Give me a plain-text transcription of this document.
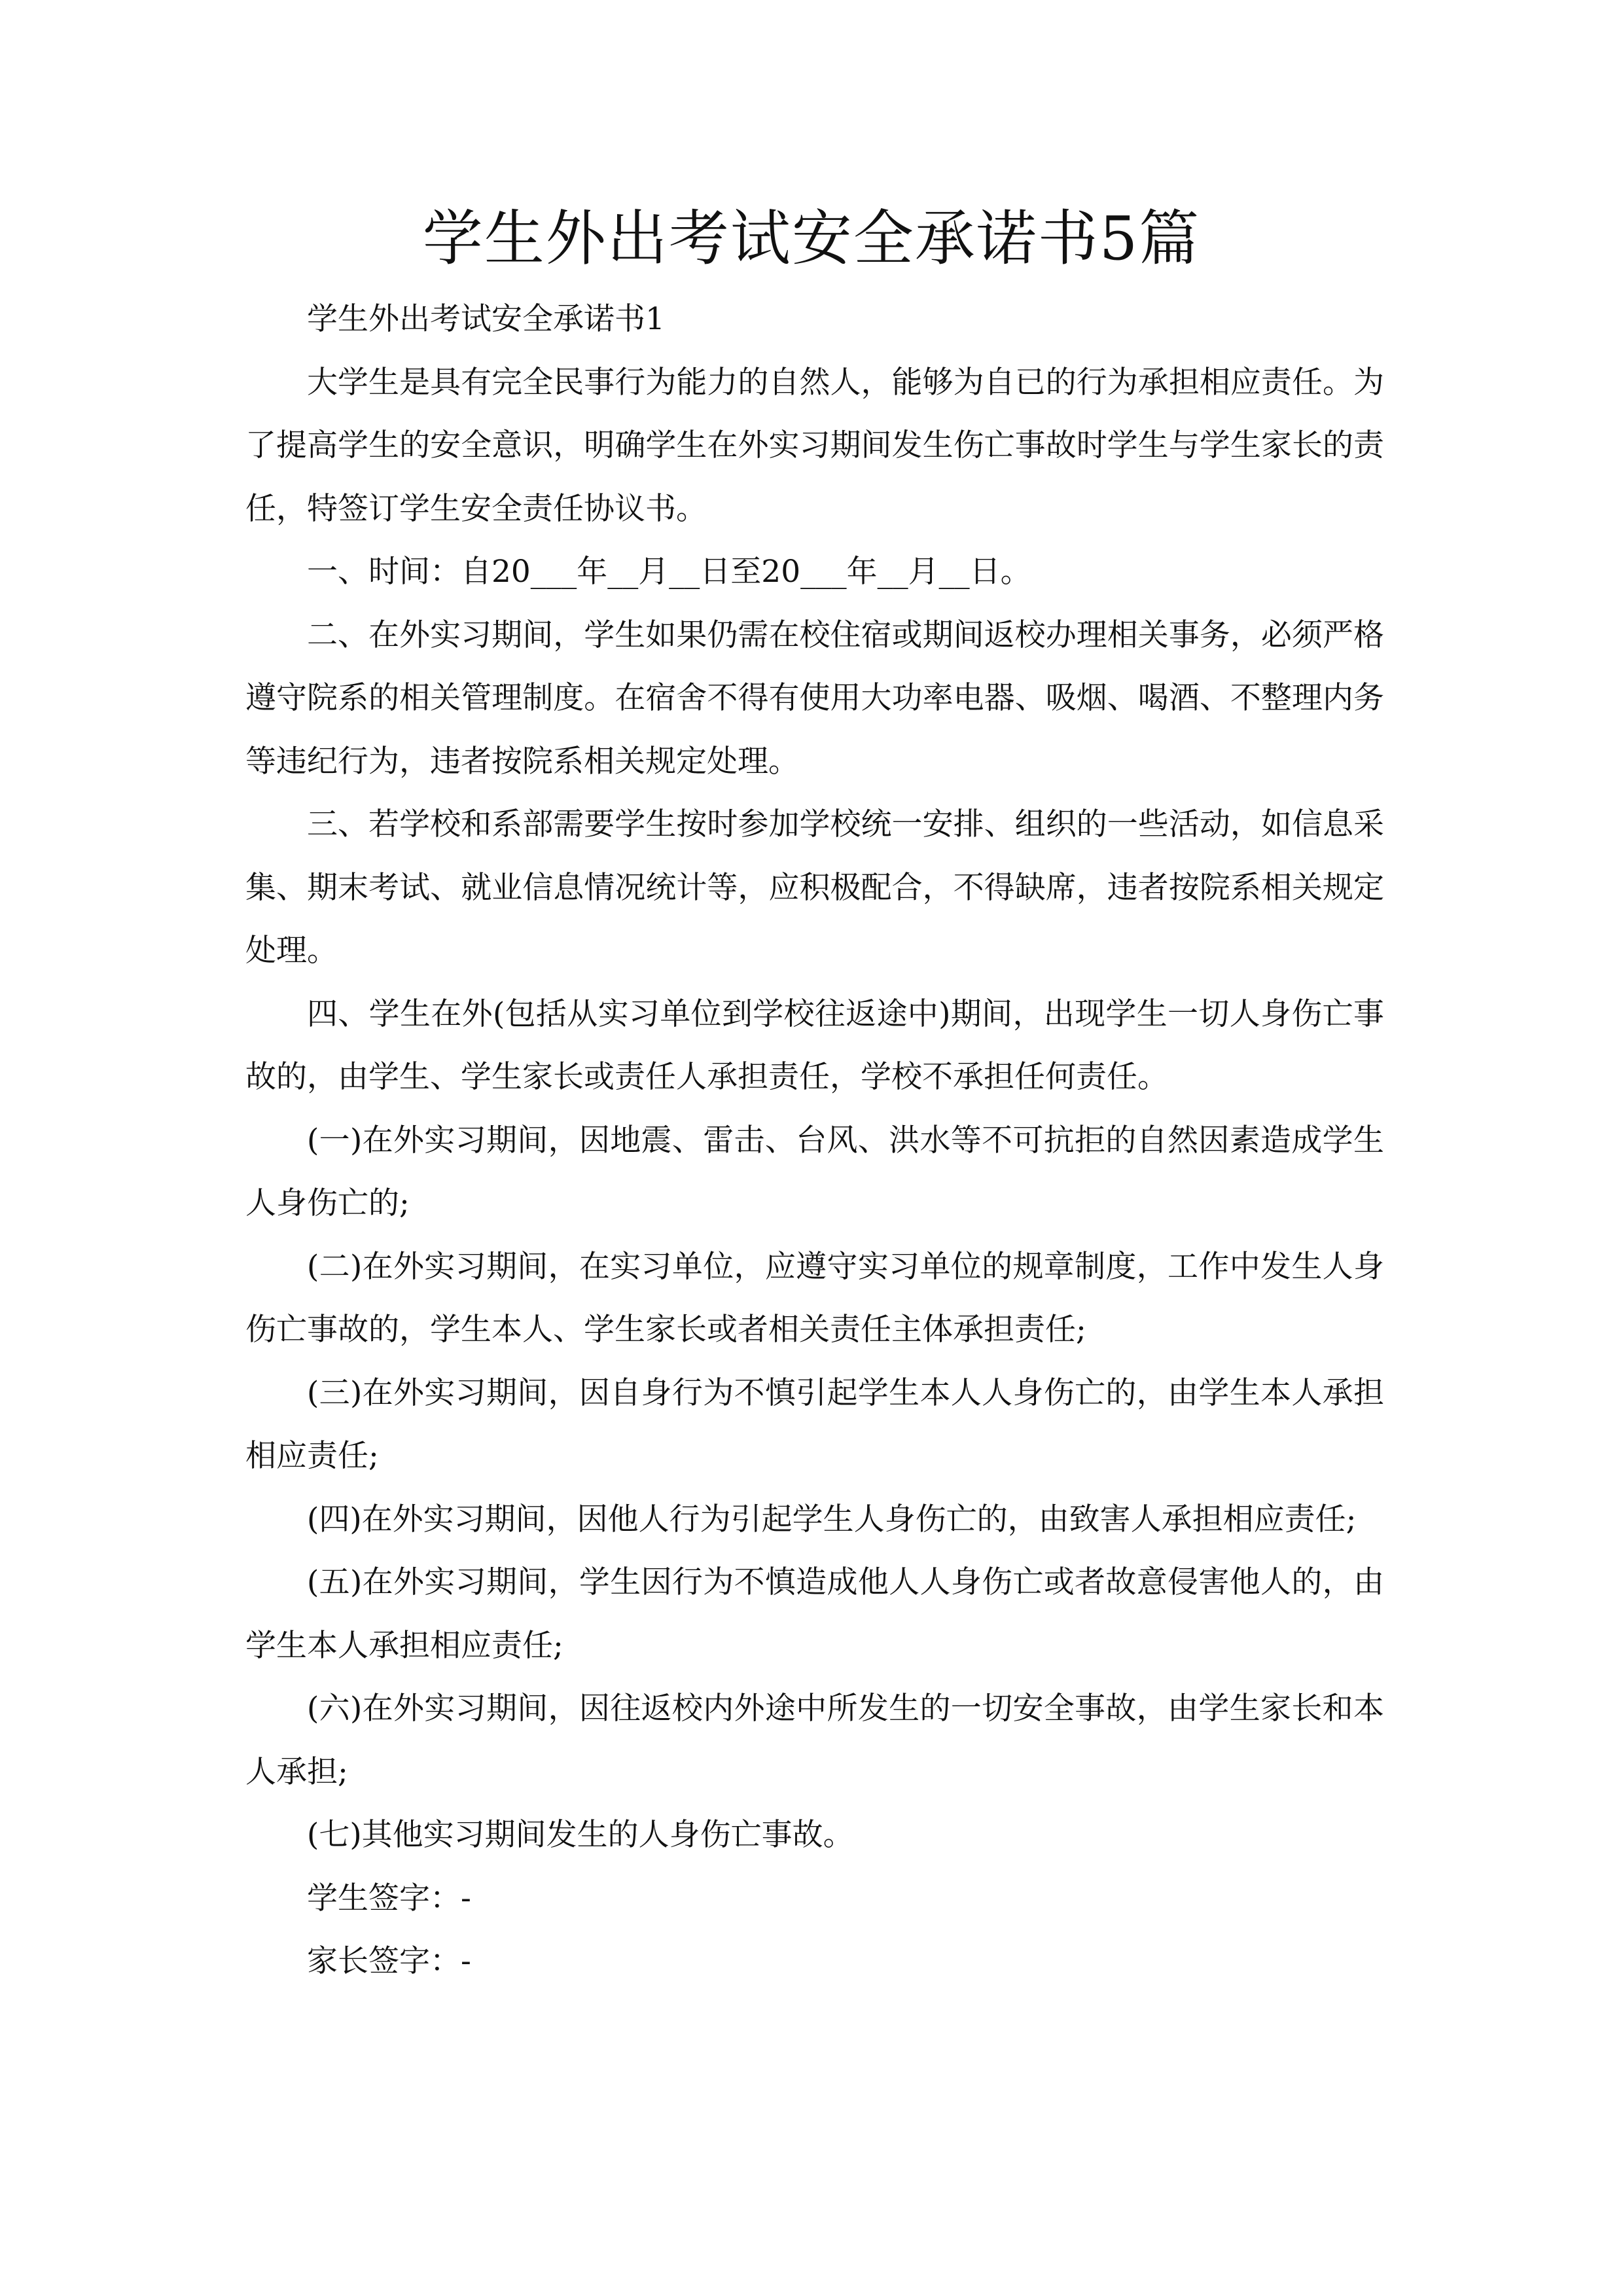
学生外出考试安全承诺书5篇

学生外出考试安全承诺书1

大学生是具有完全民事行为能力的自然人，能够为自已的行为承担相应责任。为了提高学生的安全意识，明确学生在外实习期间发生伤亡事故时学生与学生家长的责任，特签订学生安全责任协议书。

一、时间：自20___年__月__日至20___年__月__日。

二、在外实习期间，学生如果仍需在校住宿或期间返校办理相关事务，必须严格遵守院系的相关管理制度。在宿舍不得有使用大功率电器、吸烟、喝酒、不整理内务等违纪行为，违者按院系相关规定处理。

三、若学校和系部需要学生按时参加学校统一安排、组织的一些活动，如信息采集、期末考试、就业信息情况统计等，应积极配合，不得缺席，违者按院系相关规定处理。

四、学生在外(包括从实习单位到学校往返途中)期间，出现学生一切人身伤亡事故的，由学生、学生家长或责任人承担责任，学校不承担任何责任。

(一)在外实习期间，因地震、雷击、台风、洪水等不可抗拒的自然因素造成学生人身伤亡的;

(二)在外实习期间，在实习单位，应遵守实习单位的规章制度，工作中发生人身伤亡事故的，学生本人、学生家长或者相关责任主体承担责任;

(三)在外实习期间，因自身行为不慎引起学生本人人身伤亡的，由学生本人承担相应责任;

(四)在外实习期间，因他人行为引起学生人身伤亡的，由致害人承担相应责任;

(五)在外实习期间，学生因行为不慎造成他人人身伤亡或者故意侵害他人的，由学生本人承担相应责任;

(六)在外实习期间，因往返校内外途中所发生的一切安全事故，由学生家长和本人承担;

(七)其他实习期间发生的人身伤亡事故。

学生签字：-

家长签字：-
